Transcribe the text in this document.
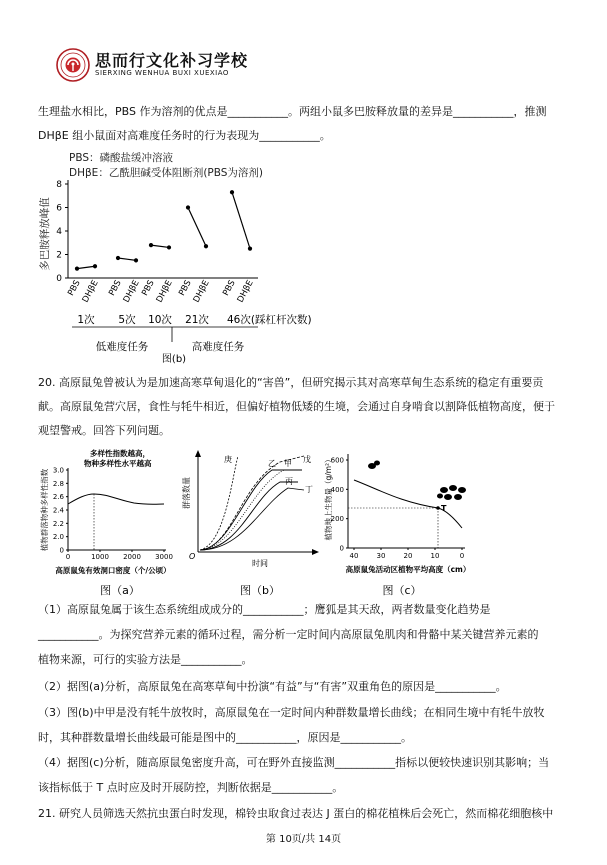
思而行文化补习学校
SIERXING WENHUA BUXI XUEXIAO
生理盐水相比，PBS 作为溶剂的优点是___________。两组小鼠多巴胺释放量的差异是___________，推测
DHβE 组小鼠面对高难度任务时的行为表现为___________。
PBS：磷酸盐缓冲溶液
DHβE：乙酰胆碱受体阻断剂(PBS为溶剂)
多巴胺释放峰值
0
2
4
6
8
PBS
DHβE PBS
DHβE
PBS
DHβE PBS
DHβE PBS
DHβE
1次 5次 10次 21次 46次(踩杠杆次数)
低难度任务	高难度任务
图(b)
20. 高原鼠兔曾被认为是加速高寒草甸退化的“害兽”，但研究揭示其对高寒草甸生态系统的稳定有重要贡
献。高原鼠兔营穴居，食性与牦牛相近，但偏好植物低矮的生境，会通过自身啃食以割降低植物高度，便于
观望警戒。回答下列问题。
植物群落物种多样性指数
多样性指数越高，
物种多样性水平越高
0
2.0
2.2
2.4
2.6
2.8
3.0
0	1000 2000 3000
高原鼠兔有效洞口密度（个/公顷）
图（a）
群落数量
O
时间
庚	乙 甲 戊
丙
丁
图（b）
植物地上生物量（g/m²）
0
200
400
600
40	30	20	10	0
T
高原鼠兔活动区植物平均高度（cm）
图（c）
（1）高原鼠兔属于该生态系统组成成分的___________；鹰狐是其天敌，两者数量变化趋势是
___________。为探究营养元素的循环过程，需分析一定时间内高原鼠兔肌肉和骨骼中某关键营养元素的
植物来源，可行的实验方法是___________。
（2）据图(a)分析，高原鼠兔在高寒草甸中扮演“有益”与“有害”双重角色的原因是___________。
（3）图(b)中甲是没有牦牛放牧时，高原鼠兔在一定时间内种群数量增长曲线；在相同生境中有牦牛放牧
时，其种群数量增长曲线最可能是图中的___________，原因是___________。
（4）据图(c)分析，随高原鼠兔密度升高，可在野外直接监测___________指标以便较快速识别其影响；当
该指标低于 T 点时应及时开展防控，判断依据是___________。
21. 研究人员筛选天然抗虫蛋白时发现，棉铃虫取食过表达 J 蛋白的棉花植株后会死亡，然而棉花细胞核中
第 10页/共 14页
